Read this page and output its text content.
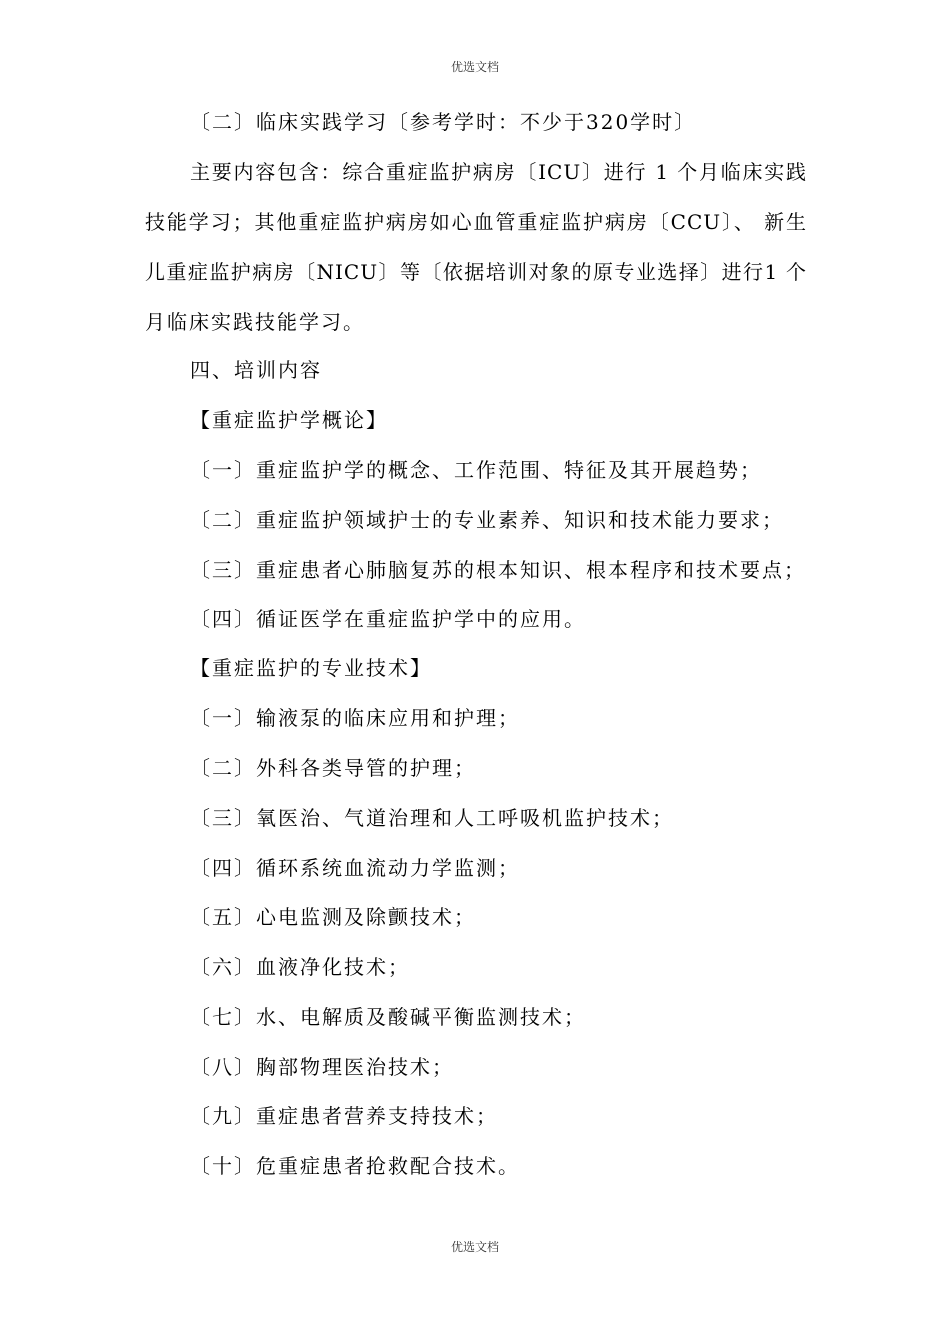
优选文档
〔二〕临床实践学习〔参考学时：不少于320学时〕
主要内容包含：综合重症监护病房〔ICU〕进行 1 个月临床实践
技能学习；其他重症监护病房如心血管重症监护病房〔CCU〕、 新生
儿重症监护病房〔NICU〕等〔依据培训对象的原专业选择〕进行1 个
月临床实践技能学习。
四、培训内容
【重症监护学概论】
〔一〕重症监护学的概念、工作范围、特征及其开展趋势；
〔二〕重症监护领域护士的专业素养、知识和技术能力要求；
〔三〕重症患者心肺脑复苏的根本知识、根本程序和技术要点；
〔四〕循证医学在重症监护学中的应用。
【重症监护的专业技术】
〔一〕输液泵的临床应用和护理；
〔二〕外科各类导管的护理；
〔三〕氧医治、气道治理和人工呼吸机监护技术；
〔四〕循环系统血流动力学监测；
〔五〕心电监测及除颤技术；
〔六〕血液净化技术；
〔七〕水、电解质及酸碱平衡监测技术；
〔八〕胸部物理医治技术；
〔九〕重症患者营养支持技术；
〔十〕危重症患者抢救配合技术。
优选文档
